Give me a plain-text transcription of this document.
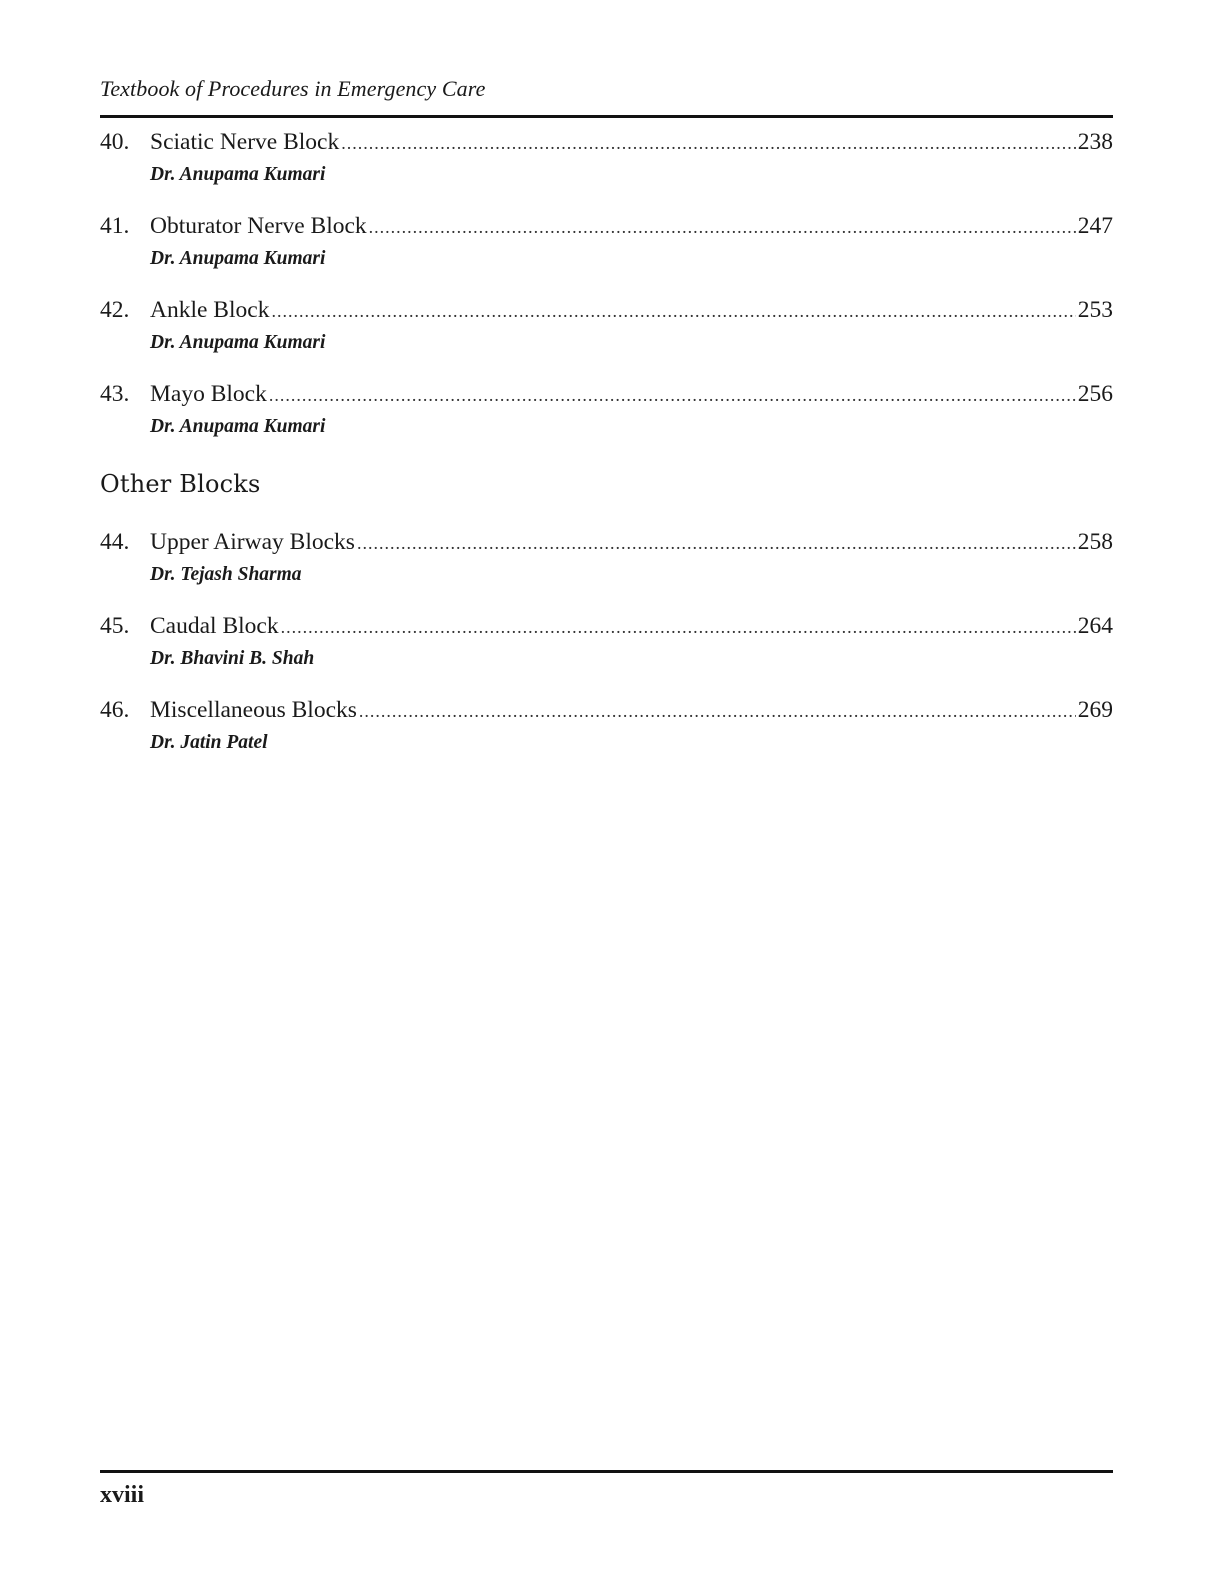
Textbook of Procedures in Emergency Care
40. Sciatic Nerve Block .....	238
Dr. Anupama Kumari
41. Obturator Nerve Block .....	247
Dr. Anupama Kumari
42. Ankle Block .....	253
Dr. Anupama Kumari
43. Mayo Block .....	256
Dr. Anupama Kumari
Other Blocks
44. Upper Airway Blocks .....	258
Dr. Tejash Sharma
45. Caudal Block .....	264
Dr. Bhavini B. Shah
46. Miscellaneous Blocks .....	269
Dr. Jatin Patel
xviii
